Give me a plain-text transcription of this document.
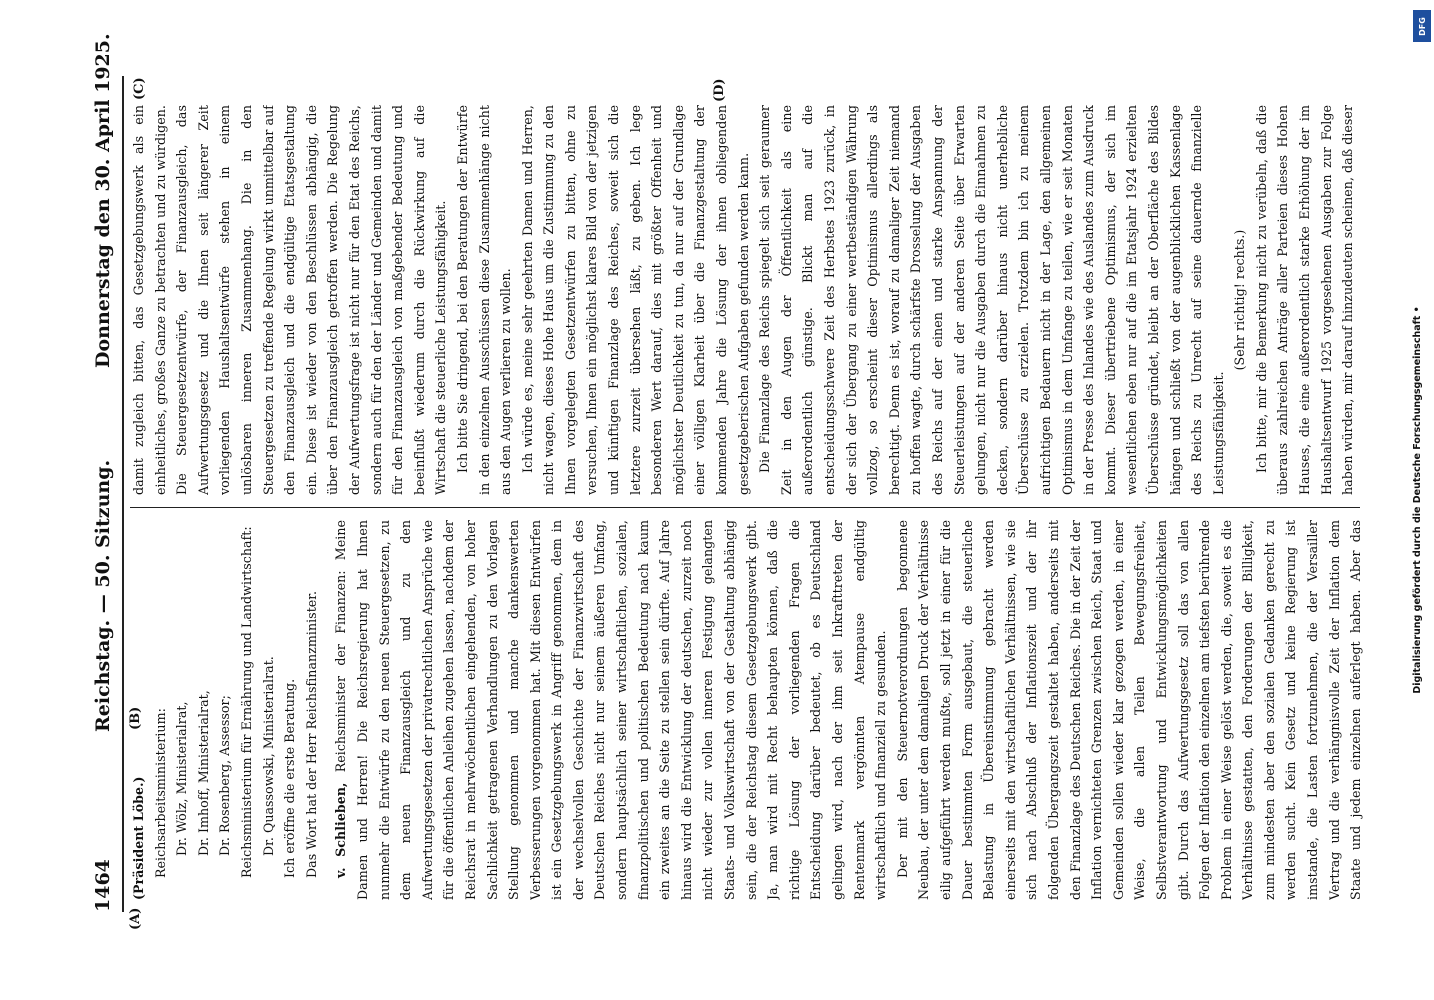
1464
Reichstag. — 50. Sitzung.
Donnerstag den 30. April 1925.
(A)
(B)
(C)	(D)

(Präsident Löbe.) Reichsarbeitsministerium: Dr. Wölz, Ministerialrat, Dr. Imhoff, Ministerialrat, Dr. Rosenberg, Assessor; Reichsministerium für Ernährung und Landwirtschaft: Dr. Quassowski, Ministerialrat. Ich eröffne die erste Beratung. Das Wort hat der Herr Reichsfinanzminister. v. Schlieben, Reichsminister der Finanzen: Meine Damen und Herren! Die Reichsregierung hat Ihnen nunmehr die Entwürfe zu den neuen Steuergesetzen, zu dem neuen Finanzausgleich und zu den Aufwertungsgesetzen der privatrechtlichen Ansprüche wie für die öffentlichen Anleihen zugehen lassen, nachdem der Reichsrat in mehrwöchentlichen eingehenden, von hoher Sachlichkeit getragenen Verhandlungen zu den Vorlagen Stellung genommen und manche dankenswerten Verbesserungen vorgenommen hat. Mit diesen Entwürfen ist ein Gesetzgebungswerk in Angriff genommen, dem in der wechselvollen Geschichte der Finanzwirtschaft des Deutschen Reiches nicht nur seinem äußeren Umfang, sondern hauptsächlich seiner wirtschaftlichen, sozialen, finanzpolitischen und politischen Bedeutung nach kaum ein zweites an die Seite zu stellen sein dürfte. Auf Jahre hinaus wird die Entwicklung der deutschen, zurzeit noch nicht wieder zur vollen inneren Festigung gelangten Staats- und Volkswirtschaft von der Gestaltung abhängig sein, die der Reichstag diesem Gesetzgebungswerk gibt. Ja, man wird mit Recht behaupten können, daß die richtige Lösung der vorliegenden Fragen die Entscheidung darüber bedeutet, ob es Deutschland gelingen wird, nach der ihm seit Inkrafttreten der Rentenmark vergönnten Atempause endgültig wirtschaftlich und finanziell zu gesunden. Der mit den Steuernotverordnungen begonnene Neubau, der unter dem damaligen Druck der Verhältnisse eilig aufgeführt werden mußte, soll jetzt in einer für die Dauer bestimmten Form ausgebaut, die steuerliche Belastung in Übereinstimmung gebracht werden einerseits mit den wirtschaftlichen Verhältnissen, wie sie sich nach Abschluß der Inflationszeit und der ihr folgenden Übergangszeit gestaltet haben, anderseits mit den Finanzlage des Deutschen Reiches. Die in der Zeit der Inflation vernichteten Grenzen zwischen Reich, Staat und Gemeinden sollen wieder klar gezogen werden, in einer Weise, die allen Teilen Bewegungsfreiheit, Selbstverantwortung und Entwicklungsmöglichkeiten gibt. Durch das Aufwertungsgesetz soll das von allen Folgen der Inflation den einzelnen am tiefsten berührende Problem in einer Weise gelöst werden, die, soweit es die Verhältnisse gestatten, den Forderungen der Billigkeit, zum mindesten aber den sozialen Gedanken gerecht zu werden sucht. Kein Gesetz und keine Regierung ist imstande, die Lasten fortzunehmen, die der Versailler Vertrag und die verhängnisvolle Zeit der Inflation dem Staate und jedem einzelnen auferlegt haben. Aber das

damit zugleich bitten, das Gesetzgebungswerk als ein einheitliches, großes Ganze zu betrachten und zu würdigen. Die Steuergesetzentwürfe, der Finanzausgleich, das Aufwertungsgesetz und die Ihnen seit längerer Zeit vorliegenden Haushaltsentwürfe stehen in einem unlösbaren inneren Zusammenhang. Die in den Steuergesetzen zu treffende Regelung wirkt unmittelbar auf den Finanzausgleich und die endgültige Etatsgestaltung ein. Diese ist wieder von den Beschlüssen abhängig, die über den Finanzausgleich getroffen werden. Die Regelung der Aufwertungsfrage ist nicht nur für den Etat des Reichs, sondern auch für den der Länder und Gemeinden und damit für den Finanzausgleich von maßgebender Bedeutung und beeinflußt wiederum durch die Rückwirkung auf die Wirtschaft die steuerliche Leistungsfähigkeit. Ich bitte Sie dringend, bei den Beratungen der Entwürfe in den einzelnen Ausschüssen diese Zusammenhänge nicht aus den Augen verlieren zu wollen. Ich würde es, meine sehr geehrten Damen und Herren, nicht wagen, dieses Hohe Haus um die Zustimmung zu den Ihnen vorgelegten Gesetzentwürfen zu bitten, ohne zu versuchen, Ihnen ein möglichst klares Bild von der jetzigen und künftigen Finanzlage des Reiches, soweit sich die letztere zurzeit übersehen läßt, zu geben. Ich lege besonderen Wert darauf, dies mit größter Offenheit und möglichster Deutlichkeit zu tun, da nur auf der Grundlage einer völligen Klarheit über die Finanzgestaltung der kommenden Jahre die Lösung der ihnen obliegenden gesetzgeberischen Aufgaben gefunden werden kann. Die Finanzlage des Reichs spiegelt sich seit geraumer Zeit in den Augen der Öffentlichkeit als eine außerordentlich günstige. Blickt man auf die entscheidungsschwere Zeit des Herbstes 1923 zurück, in der sich der Übergang zu einer wertbeständigen Währung vollzog, so erscheint dieser Optimismus allerdings als berechtigt. Denn es ist, worauf zu damaliger Zeit niemand zu hoffen wagte, durch schärfste Drosselung der Ausgaben des Reichs auf der einen und starke Anspannung der Steuerleistungen auf der anderen Seite über Erwarten gelungen, nicht nur die Ausgaben durch die Einnahmen zu decken, sondern darüber hinaus nicht unerhebliche Überschüsse zu erzielen. Trotzdem bin ich zu meinem aufrichtigen Bedauern nicht in der Lage, den allgemeinen Optimismus in dem Umfange zu teilen, wie er seit Monaten in der Presse des Inlandes wie des Auslandes zum Ausdruck kommt. Dieser übertriebene Optimismus, der sich im wesentlichen eben nur auf die im Etatsjahr 1924 erzielten Überschüsse gründet, bleibt an der Oberfläche des Bildes hängen und schließt von der augenblicklichen Kassenlage des Reichs zu Unrecht auf seine dauernde finanzielle Leistungsfähigkeit.

(Sehr richtig! rechts.)

Ich bitte, mir die Bemerkung nicht zu verübeln, daß die überaus zahlreichen Anträge aller Parteien dieses Hohen Hauses, die eine außerordentlich starke Erhöhung der im Haushaltsentwurf 1925 vorgesehenen Ausgaben zur Folge haben würden, mir darauf hinzudeuten scheinen, daß dieser

DFG
Digitalisierung gefördert durch die Deutsche Forschungsgemeinschaft •
